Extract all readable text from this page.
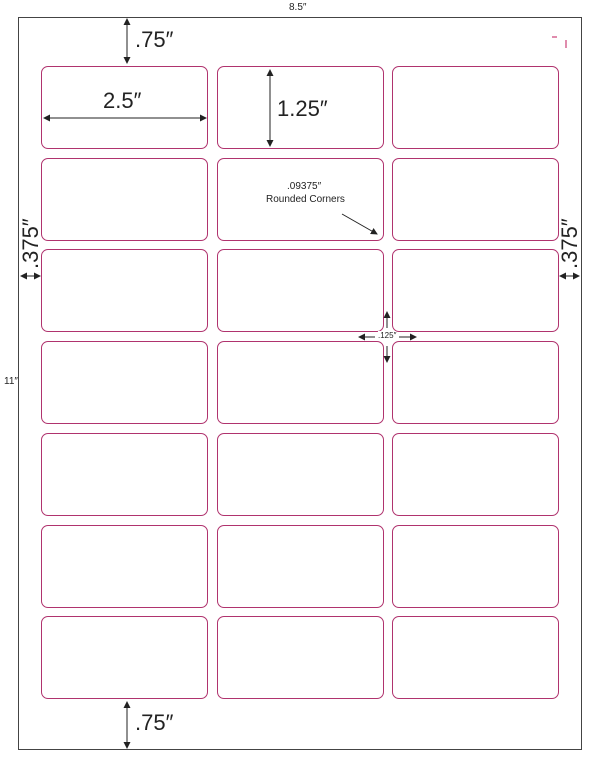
8.5″
11″
.75″
2.5″	1.25″
.09375″
Rounded Corners
.375″	.375″
.125″
.75″
